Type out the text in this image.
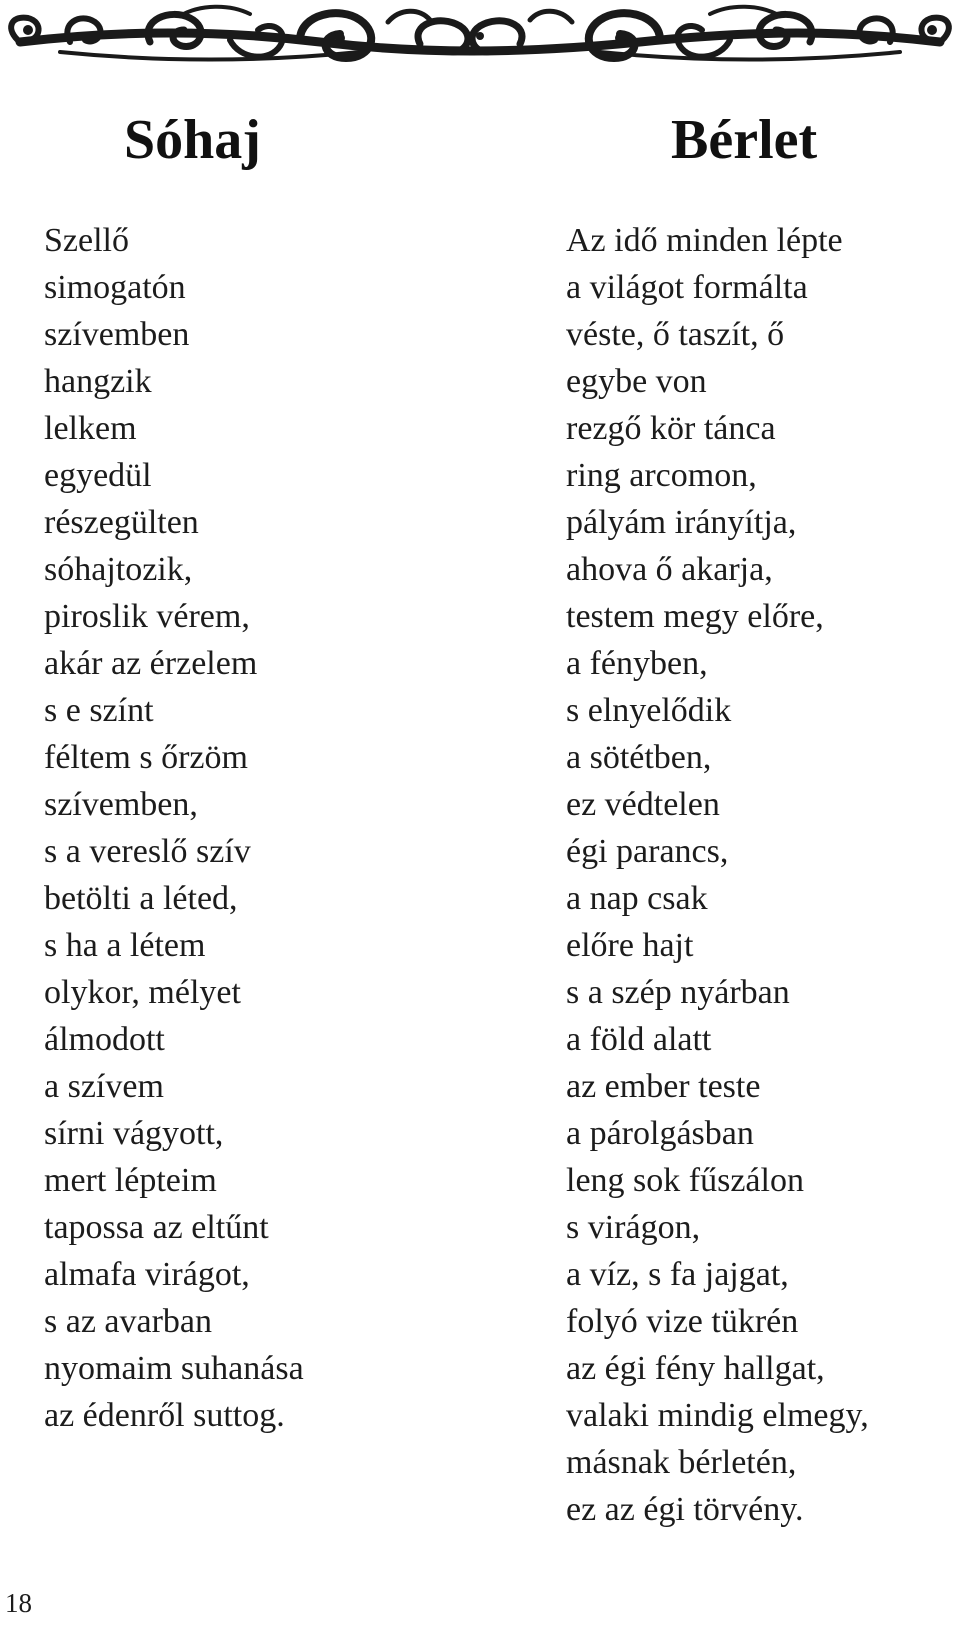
Sóhaj
Szellő
simogatón
szívemben
hangzik
lelkem
egyedül
részegülten
sóhajtozik,
piroslik vérem,
akár az érzelem
s e színt
féltem s őrzöm
szívemben,
s a vereslő szív
betölti a léted,
s ha a létem
olykor, mélyet
álmodott
a szívem
sírni vágyott,
mert lépteim
tapossa az eltűnt
almafa virágot,
s az avarban
nyomaim suhanása
az édenről suttog.
Bérlet
Az idő minden lépte
a világot formálta
véste, ő taszít, ő
egybe von
rezgő kör tánca
ring arcomon,
pályám irányítja,
ahova ő akarja,
testem megy előre,
a fényben,
s elnyelődik
a sötétben,
ez védtelen
égi parancs,
a nap csak
előre hajt
s a szép nyárban
a föld alatt
az ember teste
a párolgásban
leng sok fűszálon
s virágon,
a víz, s fa jajgat,
folyó vize tükrén
az égi fény hallgat,
valaki mindig elmegy,
másnak bérletén,
ez az égi törvény.
18
